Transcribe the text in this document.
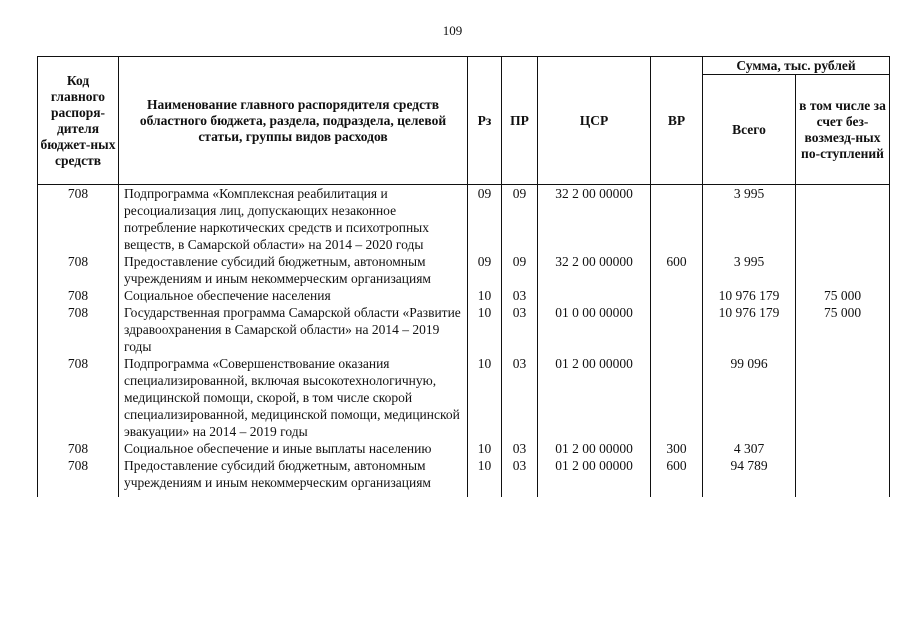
109
Код главного распоря-дителя бюджет-ных средств	Наименование главного распорядителя средств областного бюджета, раздела, подраздела, целевой статьи, группы видов расходов	Рз	ПР	ЦСР	ВР	Сумма, тыс. рублей	
						Всего	в том числе за счет без-возмезд-ных по-ступлений
708	Подпрограмма «Комплексная реабилитация и ресоциализация лиц, допускающих незаконное потребление наркотических средств и психотропных веществ, в Самарской области» на 2014 – 2020 годы	09	09	32 2 00 00000		3 995	
708	Предоставление субсидий бюджетным, автономным учреждениям и иным некоммерческим организациям	09	09	32 2 00 00000	600	3 995	
708	Социальное обеспечение населения	10	03			10 976 179	75 000
708	Государственная программа Самарской области «Развитие здравоохранения в Самарской области» на 2014 – 2019 годы	10	03	01 0 00 00000		10 976 179	75 000
708	Подпрограмма «Совершенствование оказания специализированной, включая высокотехнологичную, медицинской помощи, скорой, в том числе скорой специализированной, медицинской помощи, медицинской эвакуации» на 2014 – 2019 годы	10	03	01 2 00 00000		99 096	
708	Социальное обеспечение и иные выплаты населению	10	03	01 2 00 00000	300	4 307	
708	Предоставление субсидий бюджетным, автономным учреждениям и иным некоммерческим организациям	10	03	01 2 00 00000	600	94 789	
